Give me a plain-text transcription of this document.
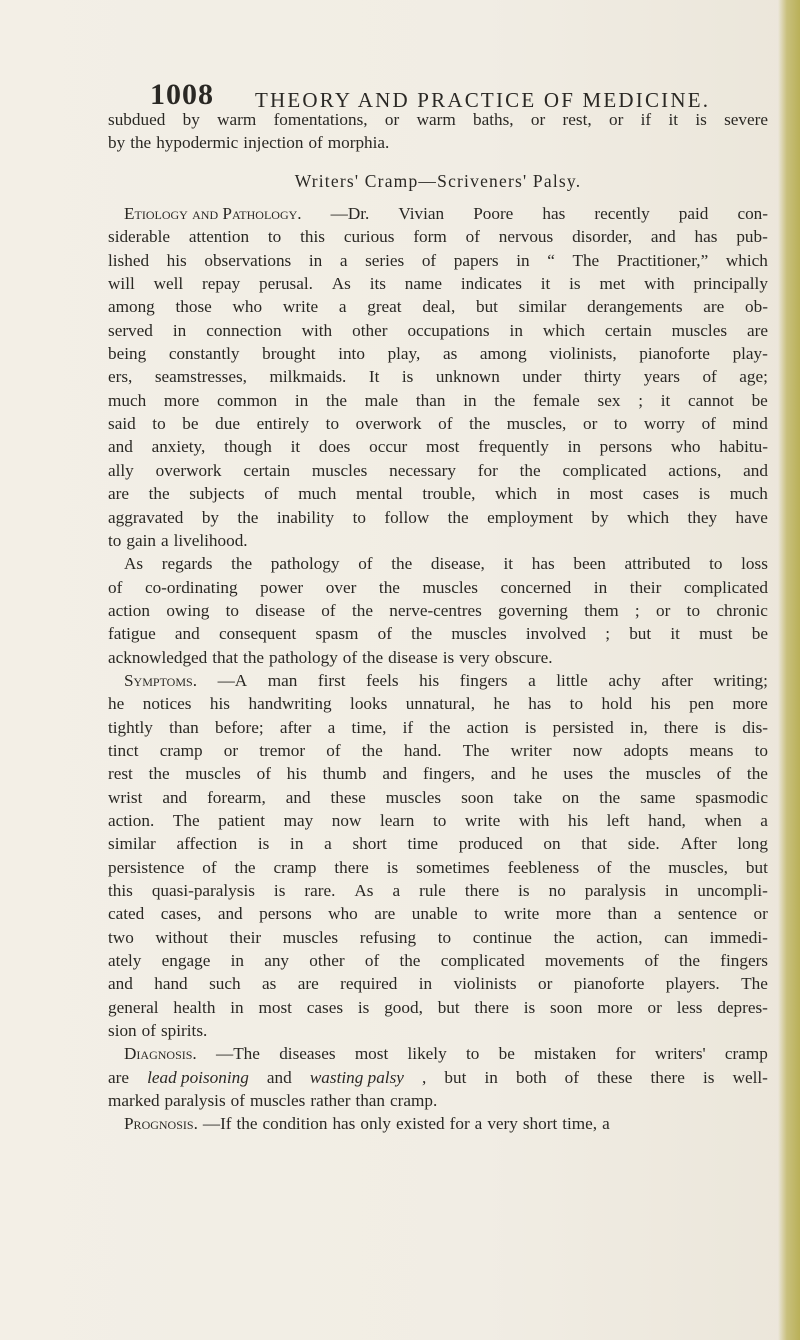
1008 THEORY AND PRACTICE OF MEDICINE.
subdued by warm fomentations, or warm baths, or rest, or if it is severe
by the hypodermic injection of morphia.
Writers' Cramp—Scriveners' Palsy.
Etiology and Pathology. —Dr. Vivian Poore has recently paid con-
siderable attention to this curious form of nervous disorder, and has pub-
lished his observations in a series of papers in “ The Practitioner,” which
will well repay perusal. As its name indicates it is met with principally
among those who write a great deal, but similar derangements are ob-
served in connection with other occupations in which certain muscles are
being constantly brought into play, as among violinists, pianoforte play-
ers, seamstresses, milkmaids. It is unknown under thirty years of age;
much more common in the male than in the female sex ; it cannot be
said to be due entirely to overwork of the muscles, or to worry of mind
and anxiety, though it does occur most frequently in persons who habitu-
ally overwork certain muscles necessary for the complicated actions, and
are the subjects of much mental trouble, which in most cases is much
aggravated by the inability to follow the employment by which they have
to gain a livelihood.
As regards the pathology of the disease, it has been attributed to loss
of co-ordinating power over the muscles concerned in their complicated
action owing to disease of the nerve-centres governing them ; or to chronic
fatigue and consequent spasm of the muscles involved ; but it must be
acknowledged that the pathology of the disease is very obscure.
Symptoms. —A man first feels his fingers a little achy after writing;
he notices his handwriting looks unnatural, he has to hold his pen more
tightly than before; after a time, if the action is persisted in, there is dis-
tinct cramp or tremor of the hand. The writer now adopts means to
rest the muscles of his thumb and fingers, and he uses the muscles of the
wrist and forearm, and these muscles soon take on the same spasmodic
action. The patient may now learn to write with his left hand, when a
similar affection is in a short time produced on that side. After long
persistence of the cramp there is sometimes feebleness of the muscles, but
this quasi-paralysis is rare. As a rule there is no paralysis in uncompli-
cated cases, and persons who are unable to write more than a sentence or
two without their muscles refusing to continue the action, can immedi-
ately engage in any other of the complicated movements of the fingers
and hand such as are required in violinists or pianoforte players. The
general health in most cases is good, but there is soon more or less depres-
sion of spirits.
Diagnosis. —The diseases most likely to be mistaken for writers' cramp
are lead poisoning and wasting palsy , but in both of these there is well-
marked paralysis of muscles rather than cramp.
Prognosis. —If the condition has only existed for a very short time, a
